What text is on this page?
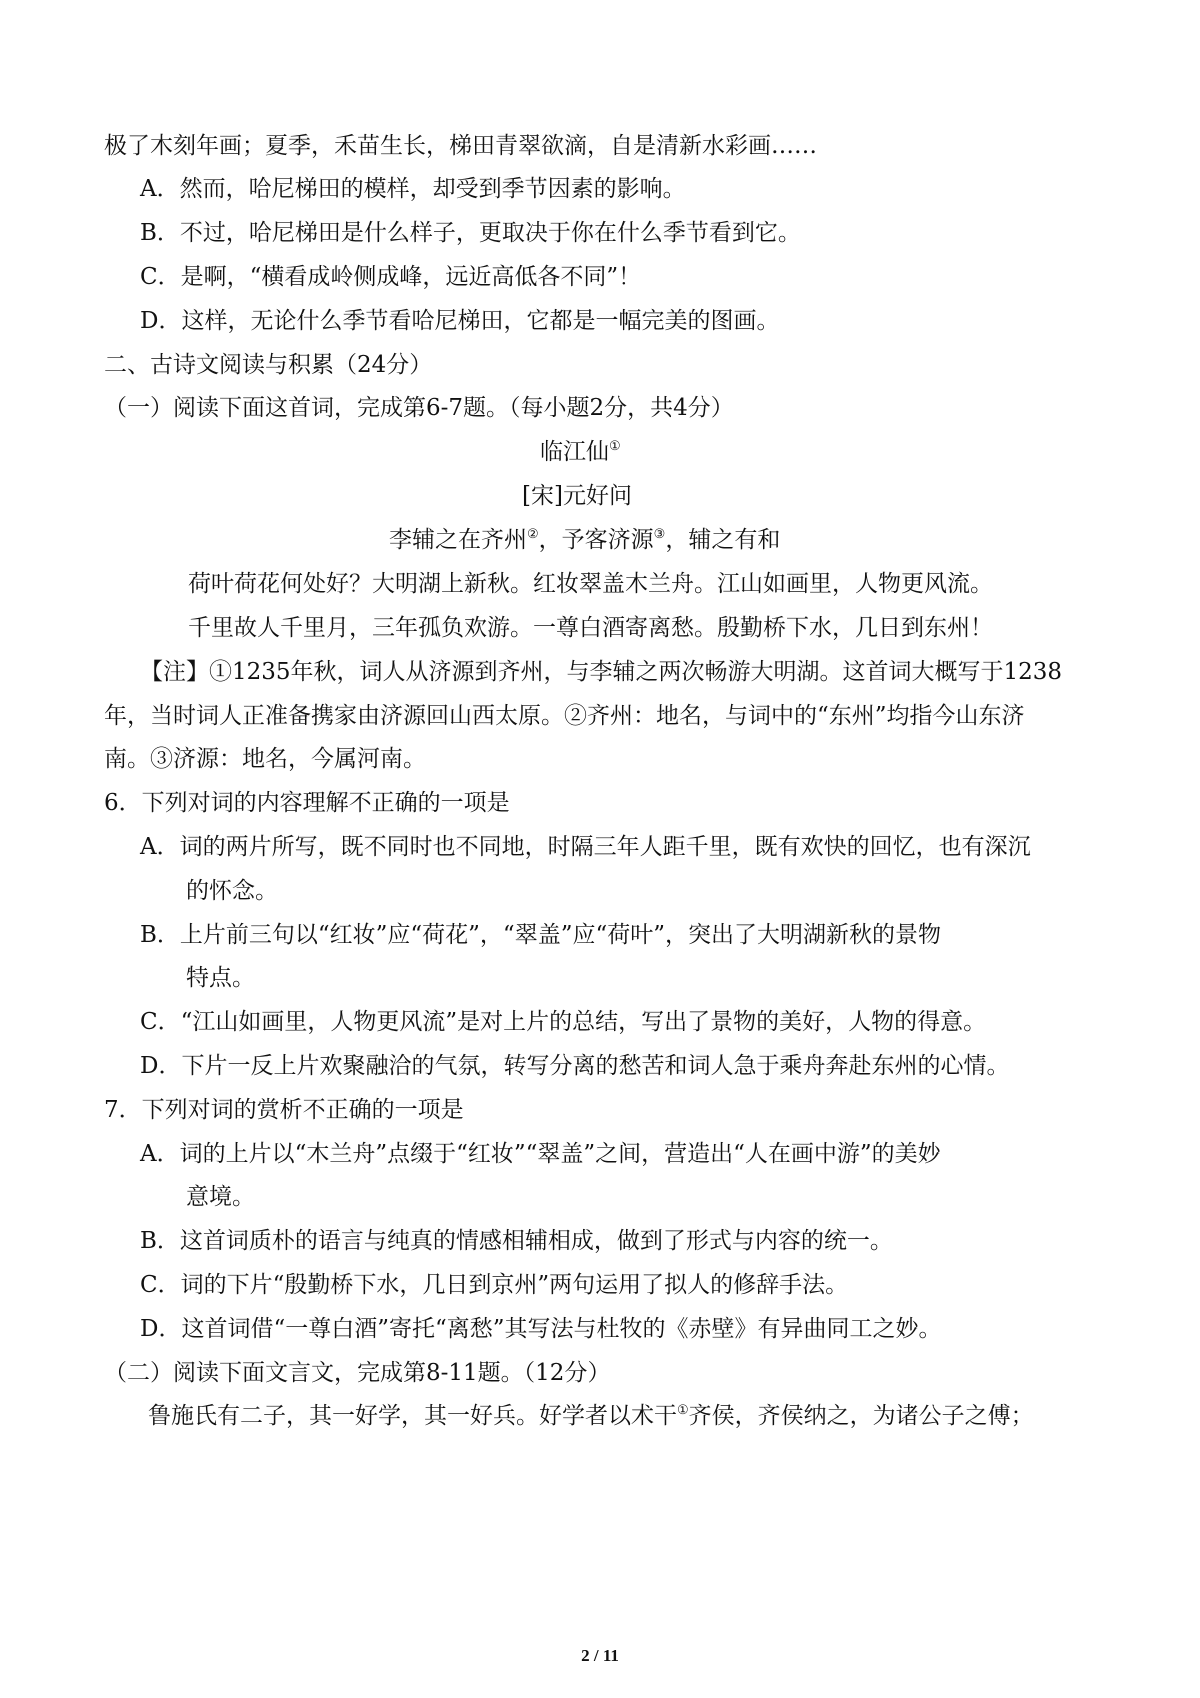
极了木刻年画；夏季，禾苗生长，梯田青翠欲滴，自是清新水彩画……
A．然而，哈尼梯田的模样，却受到季节因素的影响。
B．不过，哈尼梯田是什么样子，更取决于你在什么季节看到它。
C．是啊，“横看成岭侧成峰，远近高低各不同”！
D．这样，无论什么季节看哈尼梯田，它都是一幅完美的图画。
二、古诗文阅读与积累（24分）
（一）阅读下面这首词，完成第6-7题。（每小题2分，共4分）
临江仙①
[宋]元好问
李辅之在齐州②，予客济源③，辅之有和
荷叶荷花何处好？大明湖上新秋。红妆翠盖木兰舟。江山如画里，人物更风流。
千里故人千里月，三年孤负欢游。一尊白酒寄离愁。殷勤桥下水，几日到东州！
【注】①1235年秋，词人从济源到齐州，与李辅之两次畅游大明湖。这首词大概写于1238
年，当时词人正准备携家由济源回山西太原。②齐州：地名，与词中的“东州”均指今山东济
南。③济源：地名，今属河南。
6．下列对词的内容理解不正确的一项是
A．词的两片所写，既不同时也不同地，时隔三年人距千里，既有欢快的回忆，也有深沉
的怀念。
B．上片前三句以“红妆”应“荷花”，“翠盖”应“荷叶”，突出了大明湖新秋的景物
特点。
C．“江山如画里，人物更风流”是对上片的总结，写出了景物的美好，人物的得意。
D．下片一反上片欢聚融洽的气氛，转写分离的愁苦和词人急于乘舟奔赴东州的心情。
7．下列对词的赏析不正确的一项是
A．词的上片以“木兰舟”点缀于“红妆”“翠盖”之间，营造出“人在画中游”的美妙
意境。
B．这首词质朴的语言与纯真的情感相辅相成，做到了形式与内容的统一。
C．词的下片“殷勤桥下水，几日到京州”两句运用了拟人的修辞手法。
D．这首词借“一尊白酒”寄托“离愁”其写法与杜牧的《赤壁》有异曲同工之妙。
（二）阅读下面文言文，完成第8-11题。（12分）
鲁施氏有二子，其一好学，其一好兵。好学者以术干①齐侯，齐侯纳之，为诸公子之傅；
2 / 11
